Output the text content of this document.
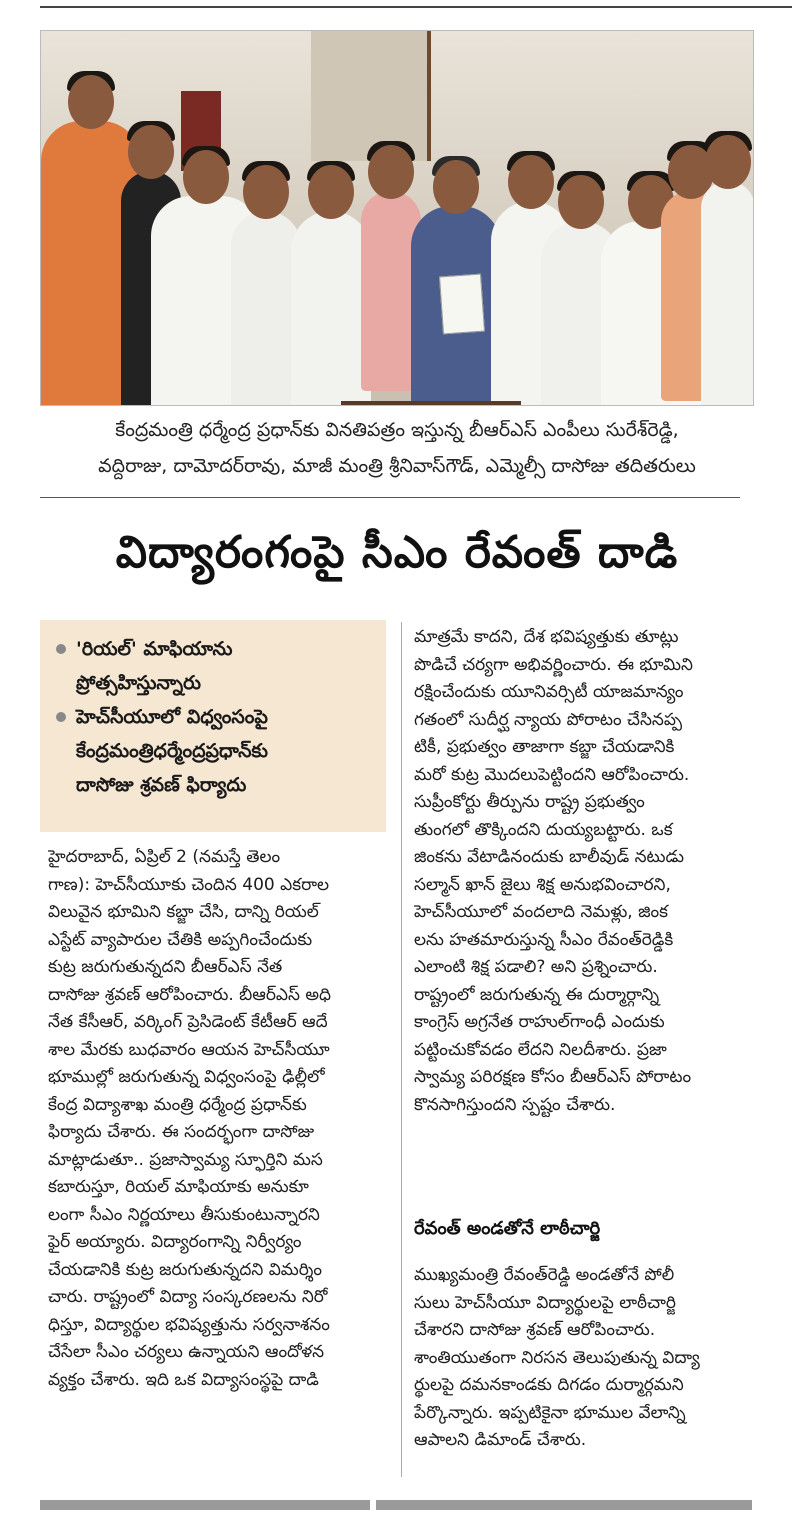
కేంద్రమంత్రి ధర్మేంద్ర ప్రధాన్‌కు వినతిపత్రం ఇస్తున్న బీఆర్‌ఎస్ ఎంపీలు సురేశ్‌రెడ్డి,
వద్దిరాజు, దామోదర్‌రావు, మాజీ మంత్రి శ్రీనివాస్‌గౌడ్, ఎమ్మెల్సీ దాసోజు తదితరులు
విద్యారంగంపై సీఎం రేవంత్ దాడి
'రియల్' మాఫియాను
ప్రోత్సహిస్తున్నారు
హెచ్‌సీయూలో విధ్వంసంపై
కేంద్రమంత్రిధర్మేంద్రప్రధాన్‌కు
దాసోజు శ్రవణ్ ఫిర్యాదు
హైదరాబాద్, ఏప్రిల్ 2 (నమస్తే తెలం
గాణ): హెచ్‌సీయూకు చెందిన 400 ఎకరాల
విలువైన భూమిని కబ్జా చేసి, దాన్ని రియల్
ఎస్టేట్ వ్యాపారుల చేతికి అప్పగించేందుకు
కుట్ర జరుగుతున్నదని బీఆర్‌ఎస్ నేత
దాసోజు శ్రవణ్ ఆరోపించారు. బీఆర్‌ఎస్ అధి
నేత కేసీఆర్, వర్కింగ్ ప్రెసిడెంట్ కేటీఆర్ ఆదే
శాల మేరకు బుధవారం ఆయన హెచ్‌సీయూ
భూముల్లో జరుగుతున్న విధ్వంసంపై ఢిల్లీలో
కేంద్ర విద్యాశాఖ మంత్రి ధర్మేంద్ర ప్రధాన్‌కు
ఫిర్యాదు చేశారు. ఈ సందర్భంగా దాసోజు
మాట్లాడుతూ.. ప్రజాస్వామ్య స్ఫూర్తిని మస
కబారుస్తూ, రియల్ మాఫియాకు అనుకూ
లంగా సీఎం నిర్ణయాలు తీసుకుంటున్నారని
ఫైర్ అయ్యారు. విద్యారంగాన్ని నిర్వీర్యం
చేయడానికి కుట్ర జరుగుతున్నదని విమర్శిం
చారు. రాష్ట్రంలో విద్యా సంస్కరణలను నిరో
ధిస్తూ, విద్యార్థుల భవిష్యత్తును సర్వనాశనం
చేసేలా సీఎం చర్యలు ఉన్నాయని ఆందోళన
వ్యక్తం చేశారు. ఇది ఒక విద్యాసంస్థపై దాడి
మాత్రమే కాదని, దేశ భవిష్యత్తుకు తూట్లు
పొడిచే చర్యగా అభివర్ణించారు. ఈ భూమిని
రక్షించేందుకు యూనివర్సిటీ యాజమాన్యం
గతంలో సుదీర్ఘ న్యాయ పోరాటం చేసినప్ప
టికీ, ప్రభుత్వం తాజాగా కబ్జా చేయడానికి
మరో కుట్ర మొదలుపెట్టిందని ఆరోపించారు.
సుప్రీంకోర్టు తీర్పును రాష్ట్ర ప్రభుత్వం
తుంగలో తొక్కిందని దుయ్యబట్టారు. ఒక
జింకను వేటాడినందుకు బాలీవుడ్ నటుడు
సల్మాన్ ఖాన్ జైలు శిక్ష అనుభవించారని,
హెచ్‌సీయూలో వందలాది నెమళ్లు, జింక
లను హతమారుస్తున్న సీఎం రేవంత్‌రెడ్డికి
ఎలాంటి శిక్ష పడాలి? అని ప్రశ్నించారు.
రాష్ట్రంలో జరుగుతున్న ఈ దుర్మార్గాన్ని
కాంగ్రెస్ అగ్రనేత రాహుల్‌గాంధీ ఎందుకు
పట్టించుకోవడం లేదని నిలదీశారు. ప్రజా
స్వామ్య పరిరక్షణ కోసం బీఆర్‌ఎస్ పోరాటం
కొనసాగిస్తుందని స్పష్టం చేశారు.
రేవంత్ అండతోనే లాఠీచార్జి
ముఖ్యమంత్రి రేవంత్‌రెడ్డి అండతోనే పోలీ
సులు హెచ్‌సీయూ విద్యార్థులపై లాఠీచార్జి
చేశారని దాసోజు శ్రవణ్ ఆరోపించారు.
శాంతియుతంగా నిరసన తెలుపుతున్న విద్యా
ర్థులపై దమనకాండకు దిగడం దుర్మార్గమని
పేర్కొన్నారు. ఇప్పటికైనా భూముల వేలాన్ని
ఆపాలని డిమాండ్ చేశారు.
